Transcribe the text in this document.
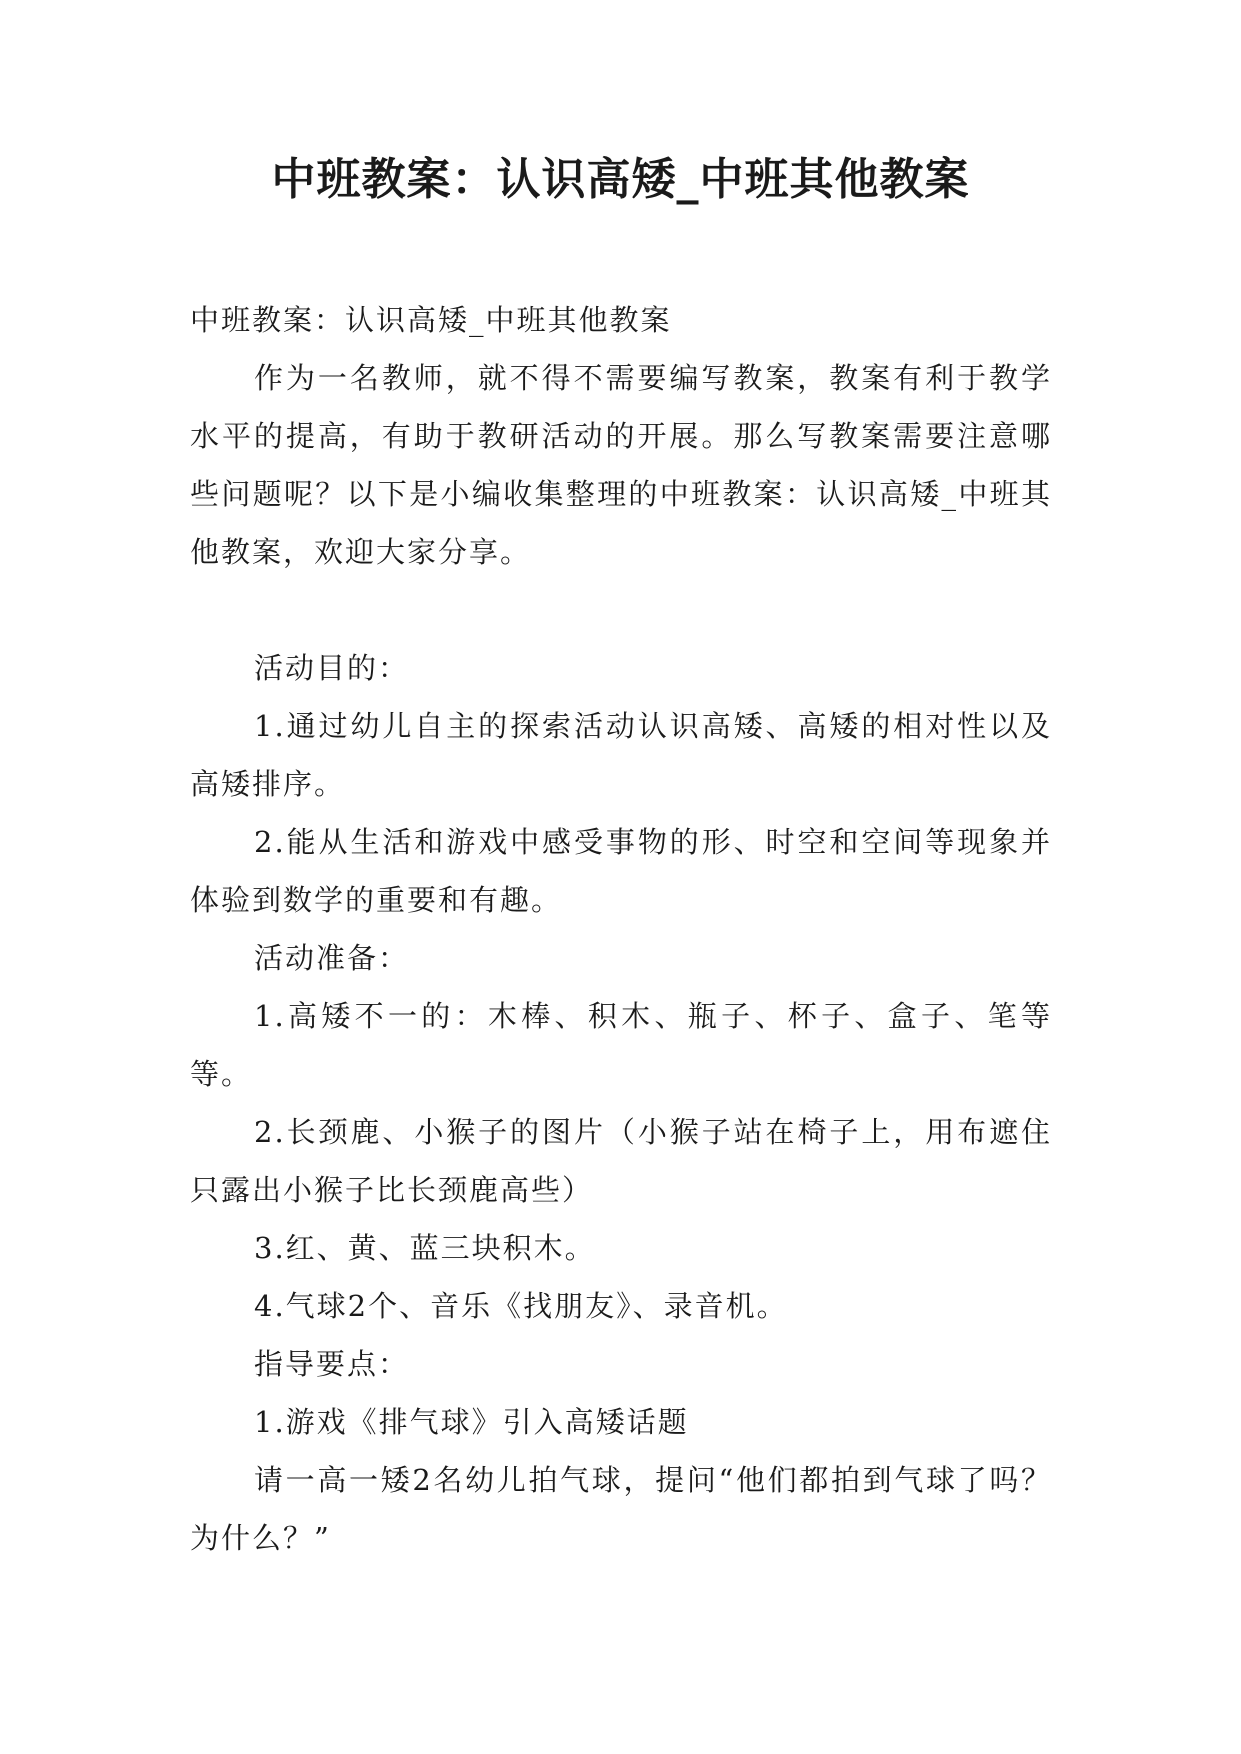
中班教案：认识高矮_中班其他教案

中班教案：认识高矮_中班其他教案

作为一名教师，就不得不需要编写教案，教案有利于教学水平的提高，有助于教研活动的开展。那么写教案需要注意哪些问题呢？以下是小编收集整理的中班教案：认识高矮_中班其他教案，欢迎大家分享。

活动目的：

1.通过幼儿自主的探索活动认识高矮、高矮的相对性以及高矮排序。

2.能从生活和游戏中感受事物的形、时空和空间等现象并体验到数学的重要和有趣。

活动准备：

1.高矮不一的：木棒、积木、瓶子、杯子、盒子、笔等等。

2.长颈鹿、小猴子的图片（小猴子站在椅子上，用布遮住只露出小猴子比长颈鹿高些）

3.红、黄、蓝三块积木。

4.气球2个、音乐《找朋友》、录音机。

指导要点：

1.游戏《排气球》引入高矮话题

请一高一矮2名幼儿拍气球，提问“他们都拍到气球了吗？为什么？”
